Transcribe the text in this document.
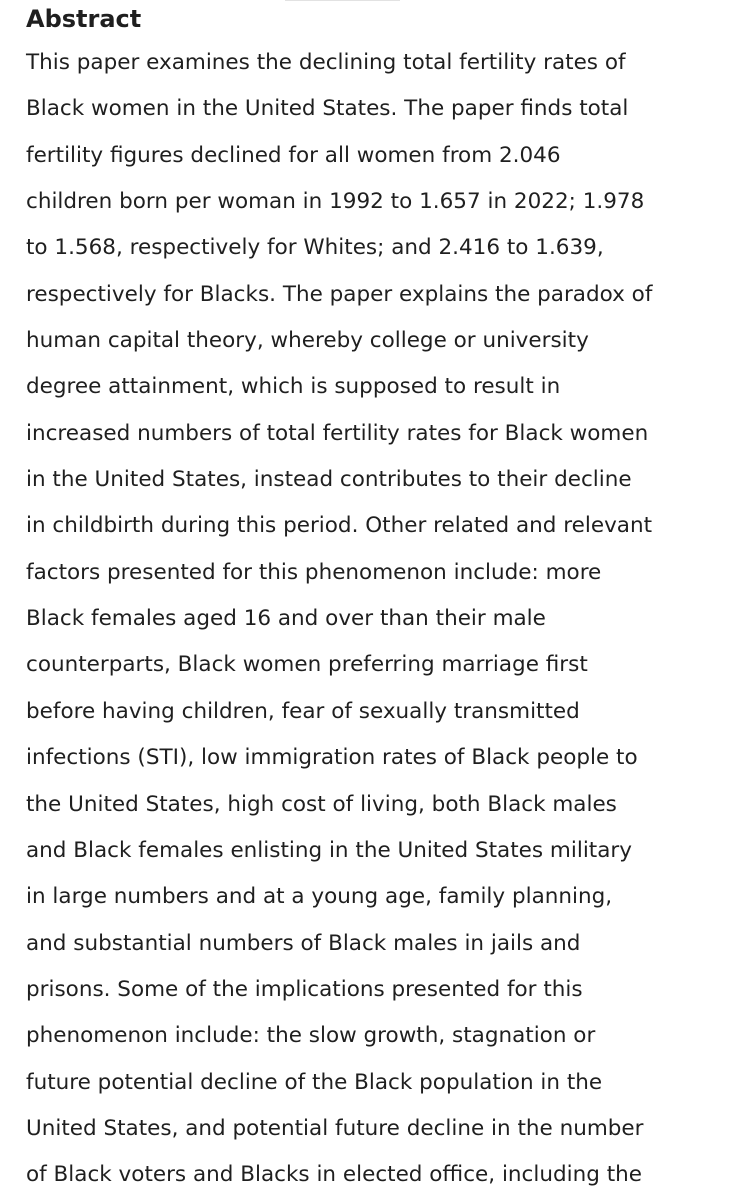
Abstract
This paper examines the declining total fertility rates of
Black women in the United States. The paper finds total
fertility figures declined for all women from 2.046
children born per woman in 1992 to 1.657 in 2022; 1.978
to 1.568, respectively for Whites; and 2.416 to 1.639,
respectively for Blacks. The paper explains the paradox of
human capital theory, whereby college or university
degree attainment, which is supposed to result in
increased numbers of total fertility rates for Black women
in the United States, instead contributes to their decline
in childbirth during this period. Other related and relevant
factors presented for this phenomenon include: more
Black females aged 16 and over than their male
counterparts, Black women preferring marriage first
before having children, fear of sexually transmitted
infections (STI), low immigration rates of Black people to
the United States, high cost of living, both Black males
and Black females enlisting in the United States military
in large numbers and at a young age, family planning,
and substantial numbers of Black males in jails and
prisons. Some of the implications presented for this
phenomenon include: the slow growth, stagnation or
future potential decline of the Black population in the
United States, and potential future decline in the number
of Black voters and Blacks in elected office, including the
